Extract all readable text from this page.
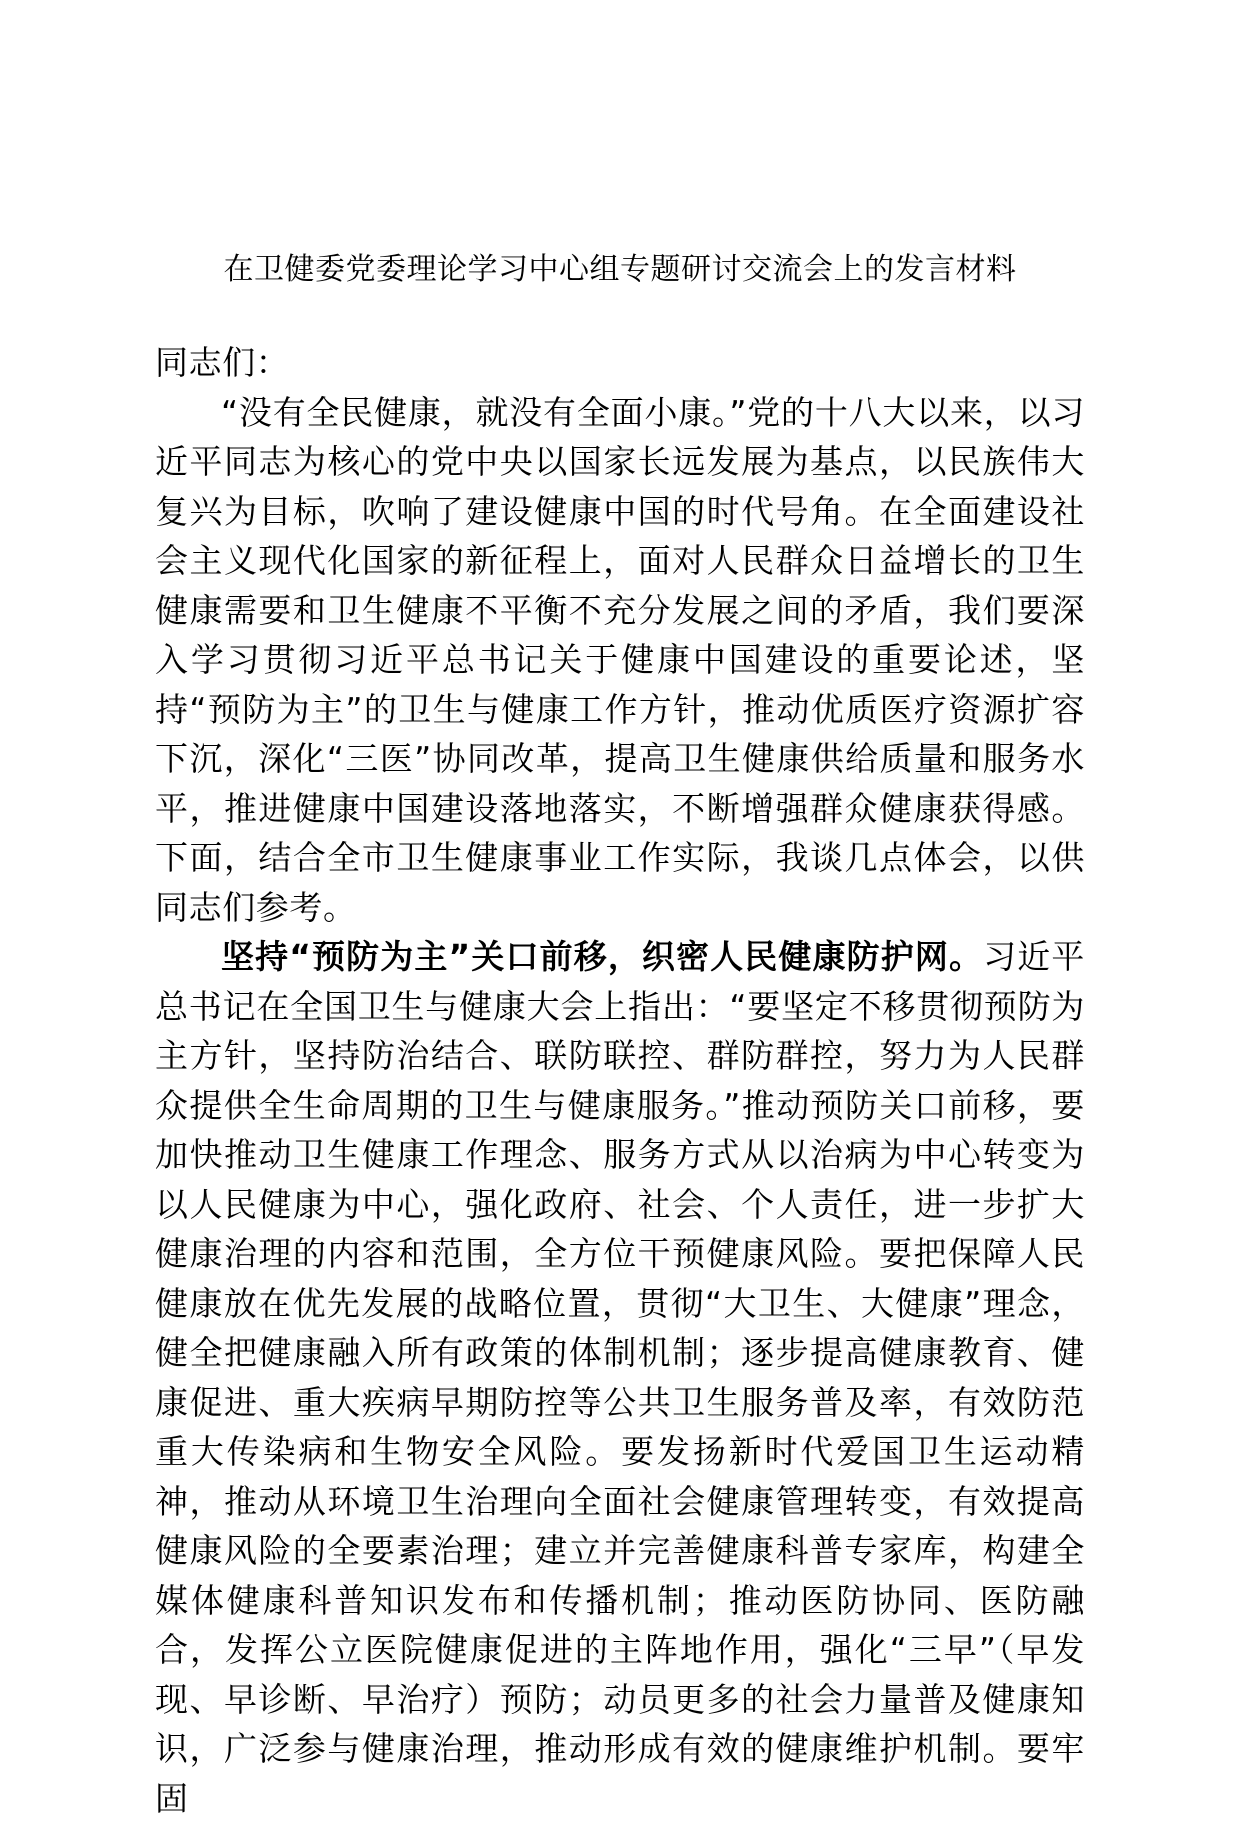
在卫健委党委理论学习中心组专题研讨交流会上的发言材料

同志们：

“没有全民健康，就没有全面小康。”党的十八大以来，以习近平同志为核心的党中央以国家长远发展为基点，以民族伟大复兴为目标，吹响了建设健康中国的时代号角。在全面建设社会主义现代化国家的新征程上，面对人民群众日益增长的卫生健康需要和卫生健康不平衡不充分发展之间的矛盾，我们要深入学习贯彻习近平总书记关于健康中国建设的重要论述，坚持“预防为主”的卫生与健康工作方针，推动优质医疗资源扩容下沉，深化“三医”协同改革，提高卫生健康供给质量和服务水平，推进健康中国建设落地落实，不断增强群众健康获得感。下面，结合全市卫生健康事业工作实际，我谈几点体会，以供同志们参考。

坚持“预防为主”关口前移，织密人民健康防护网。习近平总书记在全国卫生与健康大会上指出：“要坚定不移贯彻预防为主方针，坚持防治结合、联防联控、群防群控，努力为人民群众提供全生命周期的卫生与健康服务。”推动预防关口前移，要加快推动卫生健康工作理念、服务方式从以治病为中心转变为以人民健康为中心，强化政府、社会、个人责任，进一步扩大健康治理的内容和范围，全方位干预健康风险。要把保障人民健康放在优先发展的战略位置，贯彻“大卫生、大健康”理念，健全把健康融入所有政策的体制机制；逐步提高健康教育、健康促进、重大疾病早期防控等公共卫生服务普及率，有效防范重大传染病和生物安全风险。要发扬新时代爱国卫生运动精神，推动从环境卫生治理向全面社会健康管理转变，有效提高健康风险的全要素治理；建立并完善健康科普专家库，构建全媒体健康科普知识发布和传播机制；推动医防协同、医防融合，发挥公立医院健康促进的主阵地作用，强化“三早”（早发现、早诊断、早治疗）预防；动员更多的社会力量普及健康知识，广泛参与健康治理，推动形成有效的健康维护机制。要牢固
